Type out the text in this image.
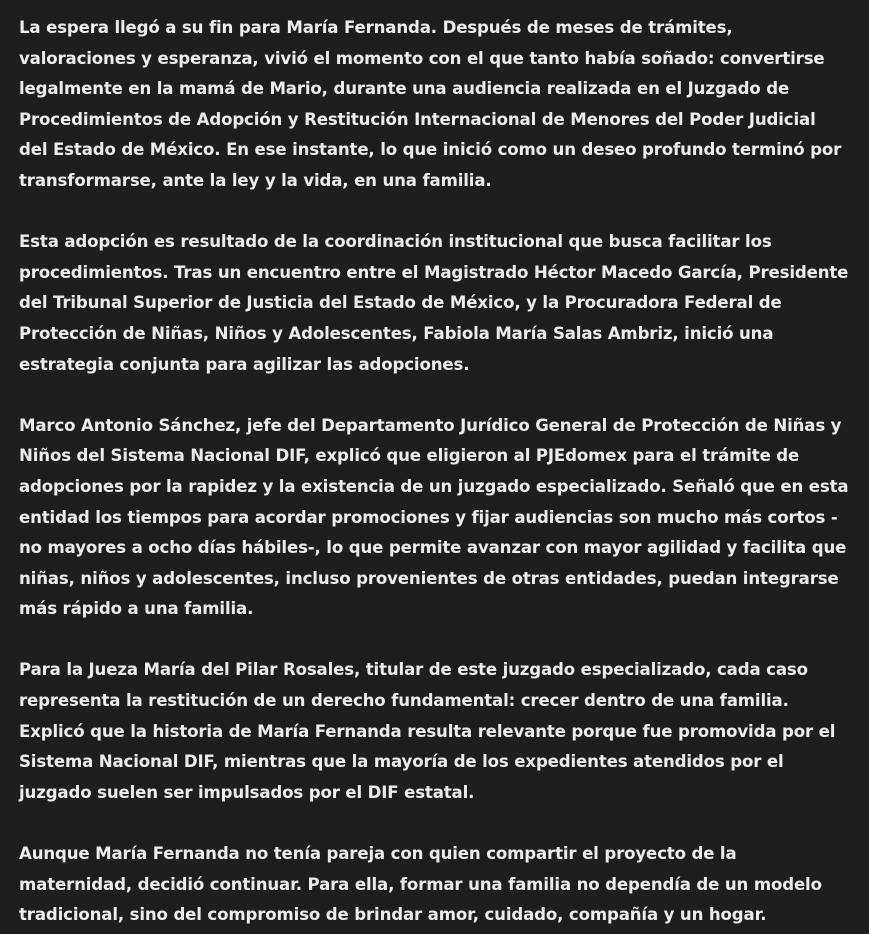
La espera llegó a su fin para María Fernanda. Después de meses de trámites, valoraciones y esperanza, vivió el momento con el que tanto había soñado: convertirse legalmente en la mamá de Mario, durante una audiencia realizada en el Juzgado de Procedimientos de Adopción y Restitución Internacional de Menores del Poder Judicial del Estado de México. En ese instante, lo que inició como un deseo profundo terminó por transformarse, ante la ley y la vida, en una familia.

Esta adopción es resultado de la coordinación institucional que busca facilitar los procedimientos. Tras un encuentro entre el Magistrado Héctor Macedo García, Presidente del Tribunal Superior de Justicia del Estado de México, y la Procuradora Federal de Protección de Niñas, Niños y Adolescentes, Fabiola María Salas Ambriz, inició una estrategia conjunta para agilizar las adopciones.

Marco Antonio Sánchez, jefe del Departamento Jurídico General de Protección de Niñas y Niños del Sistema Nacional DIF, explicó que eligieron al PJEdomex para el trámite de adopciones por la rapidez y la existencia de un juzgado especializado. Señaló que en esta entidad los tiempos para acordar promociones y fijar audiencias son mucho más cortos -no mayores a ocho días hábiles-, lo que permite avanzar con mayor agilidad y facilita que niñas, niños y adolescentes, incluso provenientes de otras entidades, puedan integrarse más rápido a una familia.

Para la Jueza María del Pilar Rosales, titular de este juzgado especializado, cada caso representa la restitución de un derecho fundamental: crecer dentro de una familia. Explicó que la historia de María Fernanda resulta relevante porque fue promovida por el Sistema Nacional DIF, mientras que la mayoría de los expedientes atendidos por el juzgado suelen ser impulsados por el DIF estatal.

Aunque María Fernanda no tenía pareja con quien compartir el proyecto de la maternidad, decidió continuar. Para ella, formar una familia no dependía de un modelo tradicional, sino del compromiso de brindar amor, cuidado, compañía y un hogar.
